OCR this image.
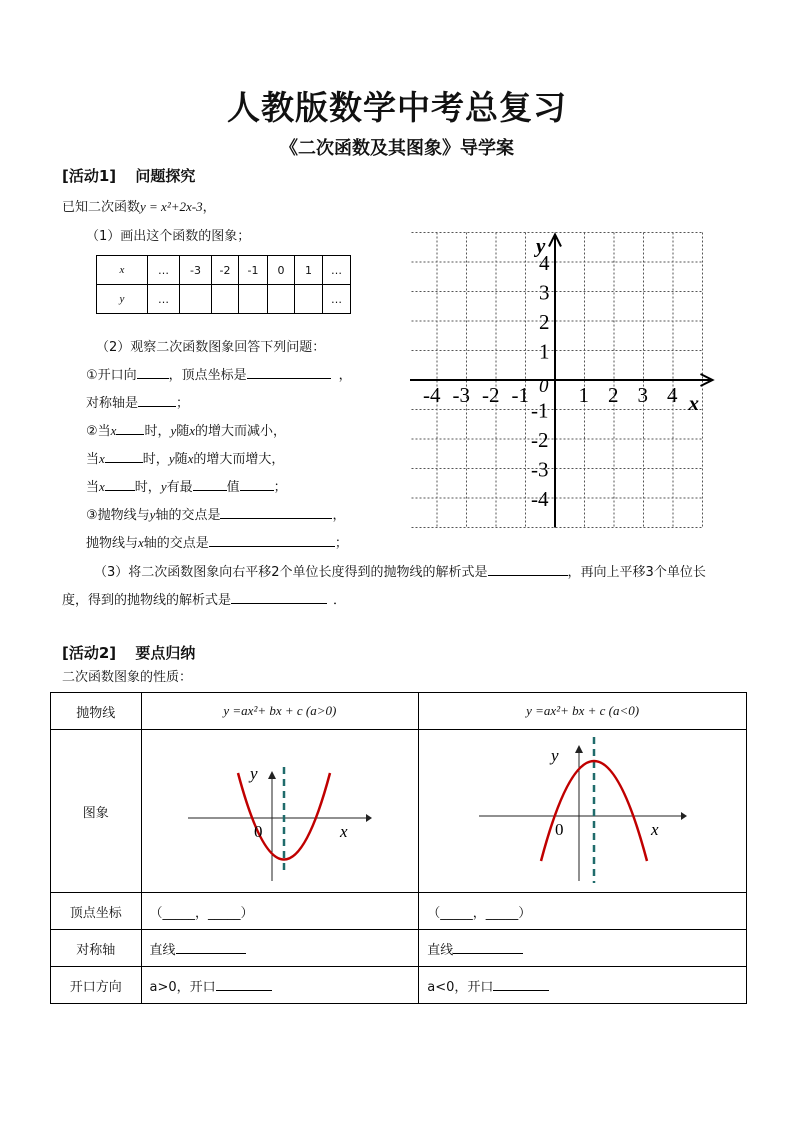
人教版数学中考总复习
《二次函数及其图象》导学案
[活动1] 问题探究
已知二次函数y = x²+2x-3，
（1）画出这个函数的图象；
x	…	-3	-2	-1	0	1	…
y	…						…
（2）观察二次函数图象回答下列问题：
①开口向 ，顶点坐标是	，
对称轴是	；
②当x 时，y随x的增大而减小，
当x	时，y随x的增大而增大，
当x 时，y有最	值	；
③抛物线与y轴的交点是	，
抛物线与x轴的交点是	；
（3）将二次函数图象向右平移2个单位长度得到的抛物线的解析式是	，再向上平移3个单位长
度，得到的抛物线的解析式是	．
-4 -3 -2 -1 1 2 3 4
4
3
2
1
-1
-2
-3
-4
0
x
y
[活动2] 要点归纳
二次函数图象的性质：
抛物线	y =ax²+ bx + c (a>0)	y =ax²+ bx + c (a<0)
图象	y
0 x	y
0 x

顶点坐标	（_____，_____）	（_____，_____）
对称轴	直线	直线
开口方向	a>0，开口	a<0，开口
